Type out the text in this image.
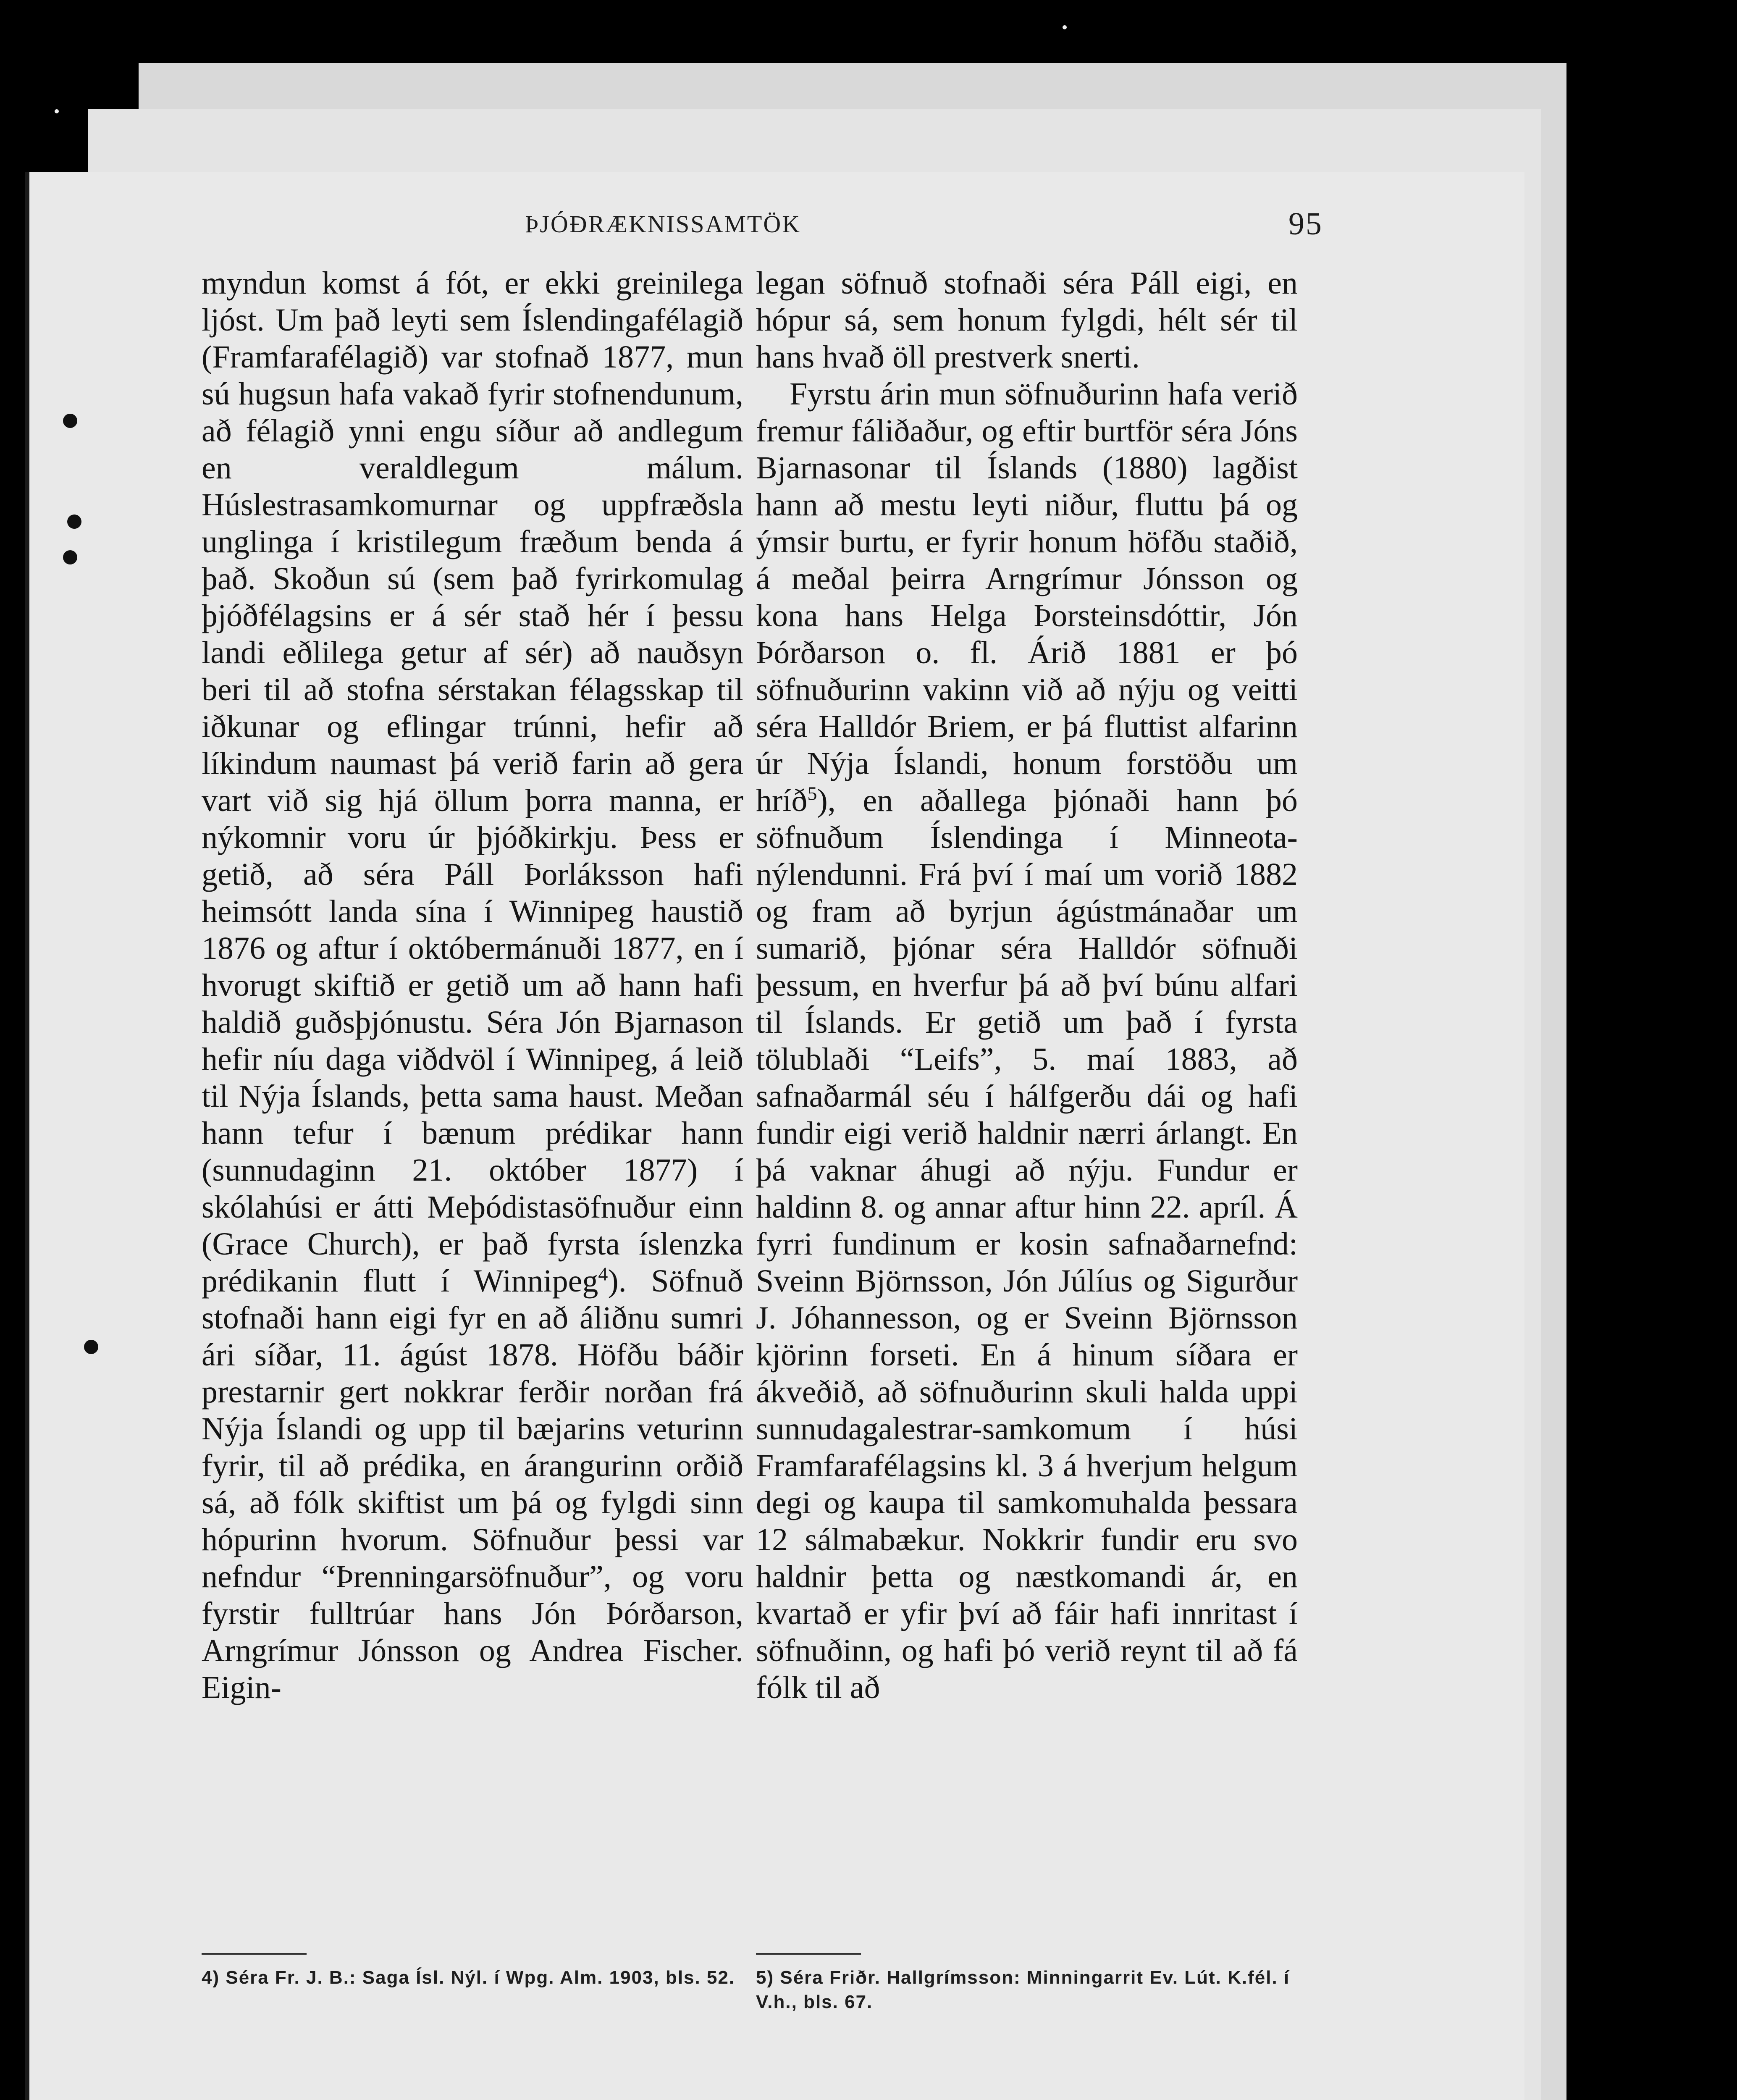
ÞJÓÐRÆKNISSAMTÖK	95

myndun komst á fót, er ekki greinilega ljóst. Um það leyti sem Íslendingafélagið (Framfarafélagið) var stofnað 1877, mun sú hugsun hafa vakað fyrir stofnendunum, að félagið ynni engu síður að andlegum en veraldlegum málum. Húslestrasamkomurnar og uppfræðsla unglinga í kristilegum fræðum benda á það. Skoðun sú (sem það fyrirkomulag þjóðfélagsins er á sér stað hér í þessu landi eðlilega getur af sér) að nauðsyn beri til að stofna sérstakan félagsskap til iðkunar og eflingar trúnni, hefir að líkindum naumast þá verið farin að gera vart við sig hjá öllum þorra manna, er nýkomnir voru úr þjóðkirkju. Þess er getið, að séra Páll Þorláksson hafi heimsótt landa sína í Winnipeg haustið 1876 og aftur í októbermánuði 1877, en í hvorugt skiftið er getið um að hann hafi haldið guðsþjónustu. Séra Jón Bjarnason hefir níu daga viðdvöl í Winnipeg, á leið til Nýja Íslands, þetta sama haust. Meðan hann tefur í bænum prédikar hann (sunnudaginn 21. október 1877) í skólahúsi er átti Meþódistasöfnuður einn (Grace Church), er það fyrsta íslenzka prédikanin flutt í Winnipeg$^4$). Söfnuð stofnaði hann eigi fyr en að áliðnu sumri ári síðar, 11. ágúst 1878. Höfðu báðir prestarnir gert nokkrar ferðir norðan frá Nýja Íslandi og upp til bæjarins veturinn fyrir, til að prédika, en árangurinn orðið sá, að fólk skiftist um þá og fylgdi sinn hópurinn hvorum. Söfnuður þessi var nefndur “Þrenningarsöfnuður”, og voru fyrstir fulltrúar hans Jón Þórðarson, Arngrímur Jónsson og Andrea Fischer. Eigin-

legan söfnuð stofnaði séra Páll eigi, en hópur sá, sem honum fylgdi, hélt sér til hans hvað öll prestverk snerti.

Fyrstu árin mun söfnuðurinn hafa verið fremur fáliðaður, og eftir burtför séra Jóns Bjarnasonar til Íslands (1880) lagðist hann að mestu leyti niður, fluttu þá og ýmsir burtu, er fyrir honum höfðu staðið, á meðal þeirra Arngrímur Jónsson og kona hans Helga Þorsteinsdóttir, Jón Þórðarson o. fl. Árið 1881 er þó söfnuðurinn vakinn við að nýju og veitti séra Halldór Briem, er þá fluttist alfarinn úr Nýja Íslandi, honum forstöðu um hríð$^5$), en aðallega þjónaði hann þó söfnuðum Íslendinga í Minneota-nýlendunni. Frá því í maí um vorið 1882 og fram að byrjun ágústmánaðar um sumarið, þjónar séra Halldór söfnuði þessum, en hverfur þá að því búnu alfari til Íslands. Er getið um það í fyrsta tölublaði “Leifs”, 5. maí 1883, að safnaðarmál séu í hálfgerðu dái og hafi fundir eigi verið haldnir nærri árlangt. En þá vaknar áhugi að nýju. Fundur er haldinn 8. og annar aftur hinn 22. apríl. Á fyrri fundinum er kosin safnaðarnefnd: Sveinn Björnsson, Jón Júlíus og Sigurður J. Jóhannesson, og er Sveinn Björnsson kjörinn forseti. En á hinum síðara er ákveðið, að söfnuðurinn skuli halda uppi sunnudagalestrar-samkomum í húsi Framfarafélagsins kl. 3 á hverjum helgum degi og kaupa til samkomuhalda þessara 12 sálmabækur. Nokkrir fundir eru svo haldnir þetta og næstkomandi ár, en kvartað er yfir því að fáir hafi innritast í söfnuðinn, og hafi þó verið reynt til að fá fólk til að

4) Séra Fr. J. B.: Saga Ísl. Nýl. í Wpg. Alm. 1903, bls. 52.	5) Séra Friðr. Hallgrímsson: Minningarrit Ev. Lút. K.fél. í V.h., bls. 67.
